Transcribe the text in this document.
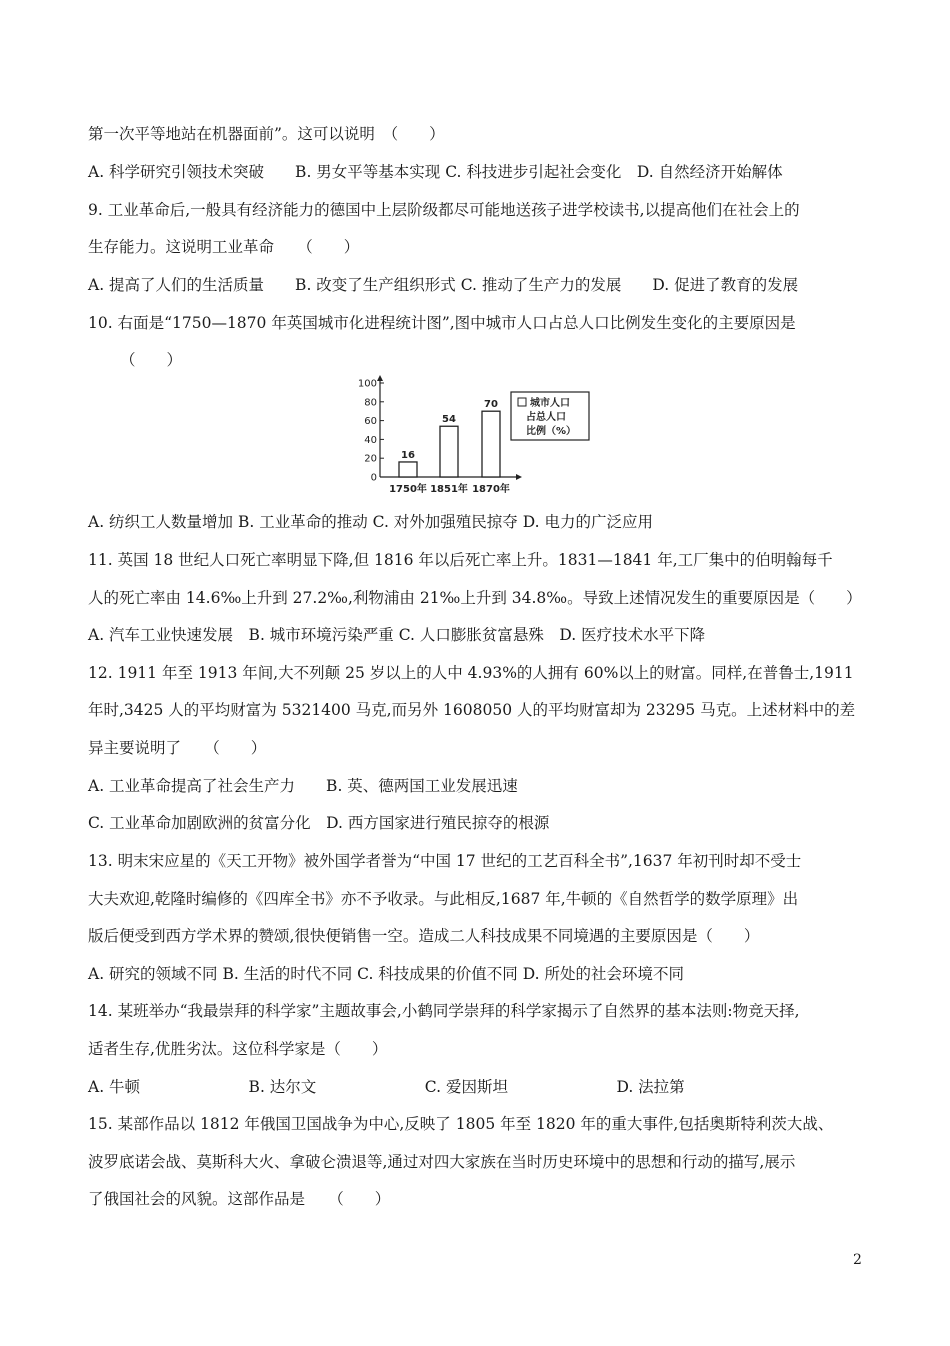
第一次平等地站在机器面前”。这可以说明　（　　）
A. 科学研究引领技术突破　　B. 男女平等基本实现 C. 科技进步引起社会变化　D. 自然经济开始解体
9. 工业革命后,一般具有经济能力的德国中上层阶级都尽可能地送孩子进学校读书,以提高他们在社会上的
生存能力。这说明工业革命　　（　　）
A. 提高了人们的生活质量　　B. 改变了生产组织形式 C. 推动了生产力的发展　　D. 促进了教育的发展
10. 右面是“1750—1870 年英国城市化进程统计图”,图中城市人口占总人口比例发生变化的主要原因是
（　　）
A. 纺织工人数量增加 B. 工业革命的推动 C. 对外加强殖民掠夺 D. 电力的广泛应用
11. 英国 18 世纪人口死亡率明显下降,但 1816 年以后死亡率上升。1831—1841 年,工厂集中的伯明翰每千
人的死亡率由 14.6‰上升到 27.2‰,利物浦由 21‰上升到 34.8‰。导致上述情况发生的重要原因是（　　）
A. 汽车工业快速发展　B. 城市环境污染严重 C. 人口膨胀贫富悬殊　D. 医疗技术水平下降
12. 1911 年至 1913 年间,大不列颠 25 岁以上的人中 4.93%的人拥有 60%以上的财富。同样,在普鲁士,1911
年时,3425 人的平均财富为 5321400 马克,而另外 1608050 人的平均财富却为 23295 马克。上述材料中的差
异主要说明了　　（　　）
A. 工业革命提高了社会生产力　　B. 英、德两国工业发展迅速
C. 工业革命加剧欧洲的贫富分化　D. 西方国家进行殖民掠夺的根源
13. 明末宋应星的《天工开物》被外国学者誉为“中国 17 世纪的工艺百科全书”,1637 年初刊时却不受士
大夫欢迎,乾隆时编修的《四库全书》亦不予收录。与此相反,1687 年,牛顿的《自然哲学的数学原理》出
版后便受到西方学术界的赞颂,很快便销售一空。造成二人科技成果不同境遇的主要原因是（　　）
A. 研究的领域不同 B. 生活的时代不同 C. 科技成果的价值不同 D. 所处的社会环境不同
14. 某班举办“我最崇拜的科学家”主题故事会,小鹤同学崇拜的科学家揭示了自然界的基本法则:物竞天择,
适者生存,优胜劣汰。这位科学家是（　　）
A. 牛顿　　　　　　　B. 达尔文　　　　　　　C. 爱因斯坦　　　　　　　D. 法拉第
15. 某部作品以 1812 年俄国卫国战争为中心,反映了 1805 年至 1820 年的重大事件,包括奥斯特利茨大战、
波罗底诺会战、莫斯科大火、拿破仑溃退等,通过对四大家族在当时历史环境中的思想和行动的描写,展示
了俄国社会的风貌。这部作品是　　（　　）
100
80
60
40
20
0
16
1750年
54
1851年
70
1870年
城市人口
占总人口
比例（%）
2
